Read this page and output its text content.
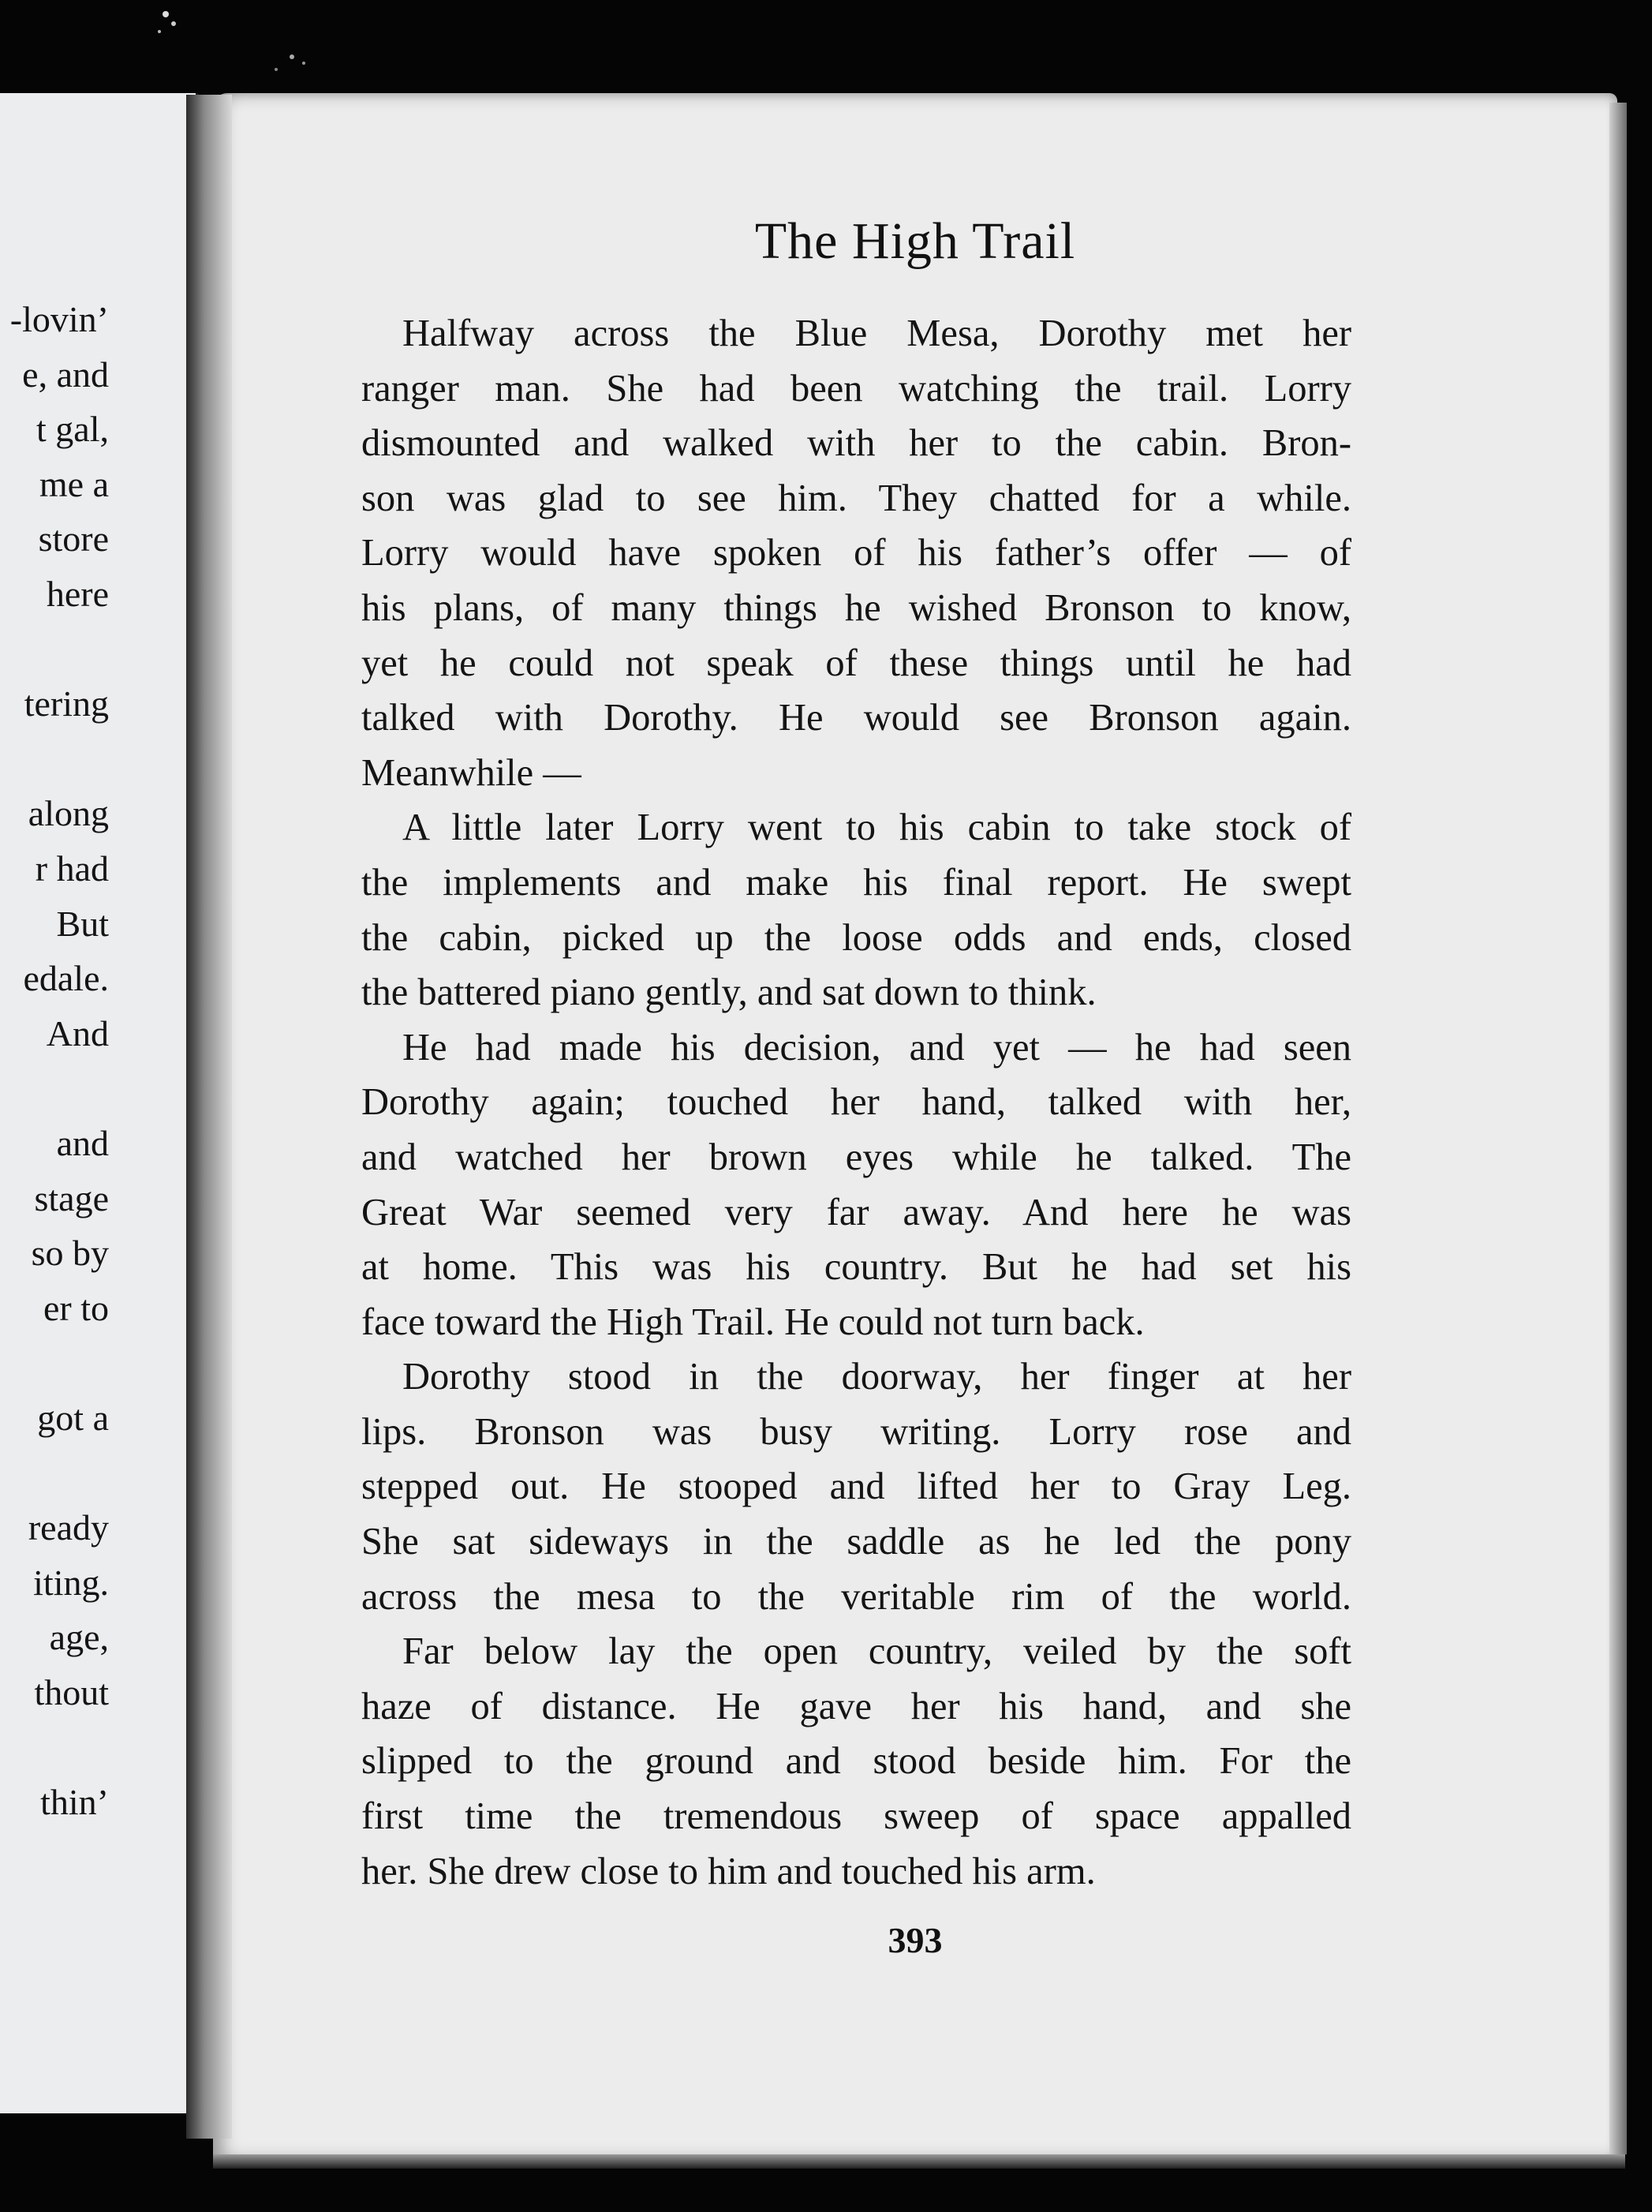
-lovin’
e, and
t gal,
me a
store
here
tering
along
r had
But
edale.
And
and
stage
so by
er to
got a
ready
iting.
age,
thout
thin’
The High Trail
Halfway across the Blue Mesa, Dorothy met her
ranger man. She had been watching the trail. Lorry
dismounted and walked with her to the cabin. Bron-
son was glad to see him. They chatted for a while.
Lorry would have spoken of his father’s offer — of
his plans, of many things he wished Bronson to know,
yet he could not speak of these things until he had
talked with Dorothy. He would see Bronson again.
Meanwhile —
A little later Lorry went to his cabin to take stock of
the implements and make his final report. He swept
the cabin, picked up the loose odds and ends, closed
the battered piano gently, and sat down to think.
He had made his decision, and yet — he had seen
Dorothy again; touched her hand, talked with her,
and watched her brown eyes while he talked. The
Great War seemed very far away. And here he was
at home. This was his country. But he had set his
face toward the High Trail. He could not turn back.
Dorothy stood in the doorway, her finger at her
lips. Bronson was busy writing. Lorry rose and
stepped out. He stooped and lifted her to Gray Leg.
She sat sideways in the saddle as he led the pony
across the mesa to the veritable rim of the world.
Far below lay the open country, veiled by the soft
haze of distance. He gave her his hand, and she
slipped to the ground and stood beside him. For the
first time the tremendous sweep of space appalled
her. She drew close to him and touched his arm.
393
